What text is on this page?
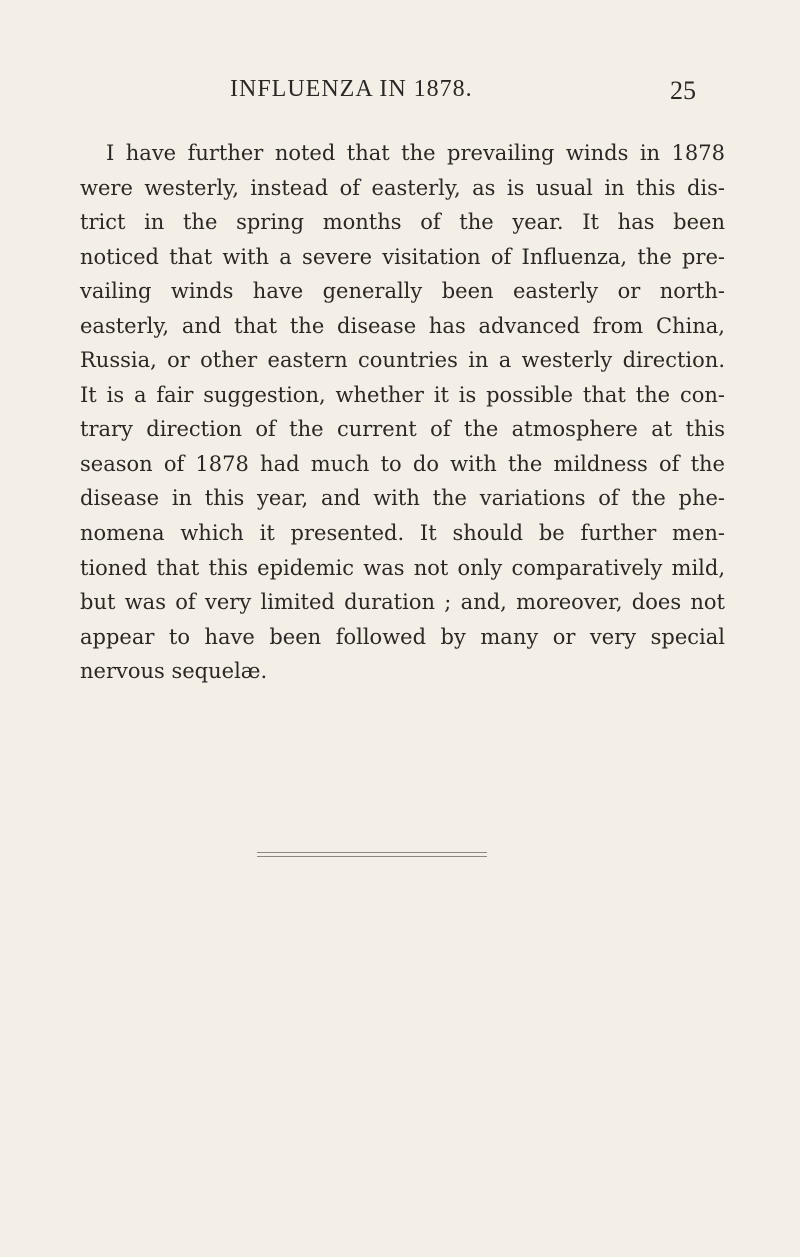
INFLUENZA IN 1878.	25
I have further noted that the prevailing winds in 1878
were westerly, instead of easterly, as is usual in this dis-
trict in the spring months of the year. It has been
noticed that with a severe visitation of Influenza, the pre-
vailing winds have generally been easterly or north-
easterly, and that the disease has advanced from China,
Russia, or other eastern countries in a westerly direction.
It is a fair suggestion, whether it is possible that the con-
trary direction of the current of the atmosphere at this
season of 1878 had much to do with the mildness of the
disease in this year, and with the variations of the phe-
nomena which it presented. It should be further men-
tioned that this epidemic was not only comparatively mild,
but was of very limited duration ; and, moreover, does not
appear to have been followed by many or very special
nervous sequelæ.
